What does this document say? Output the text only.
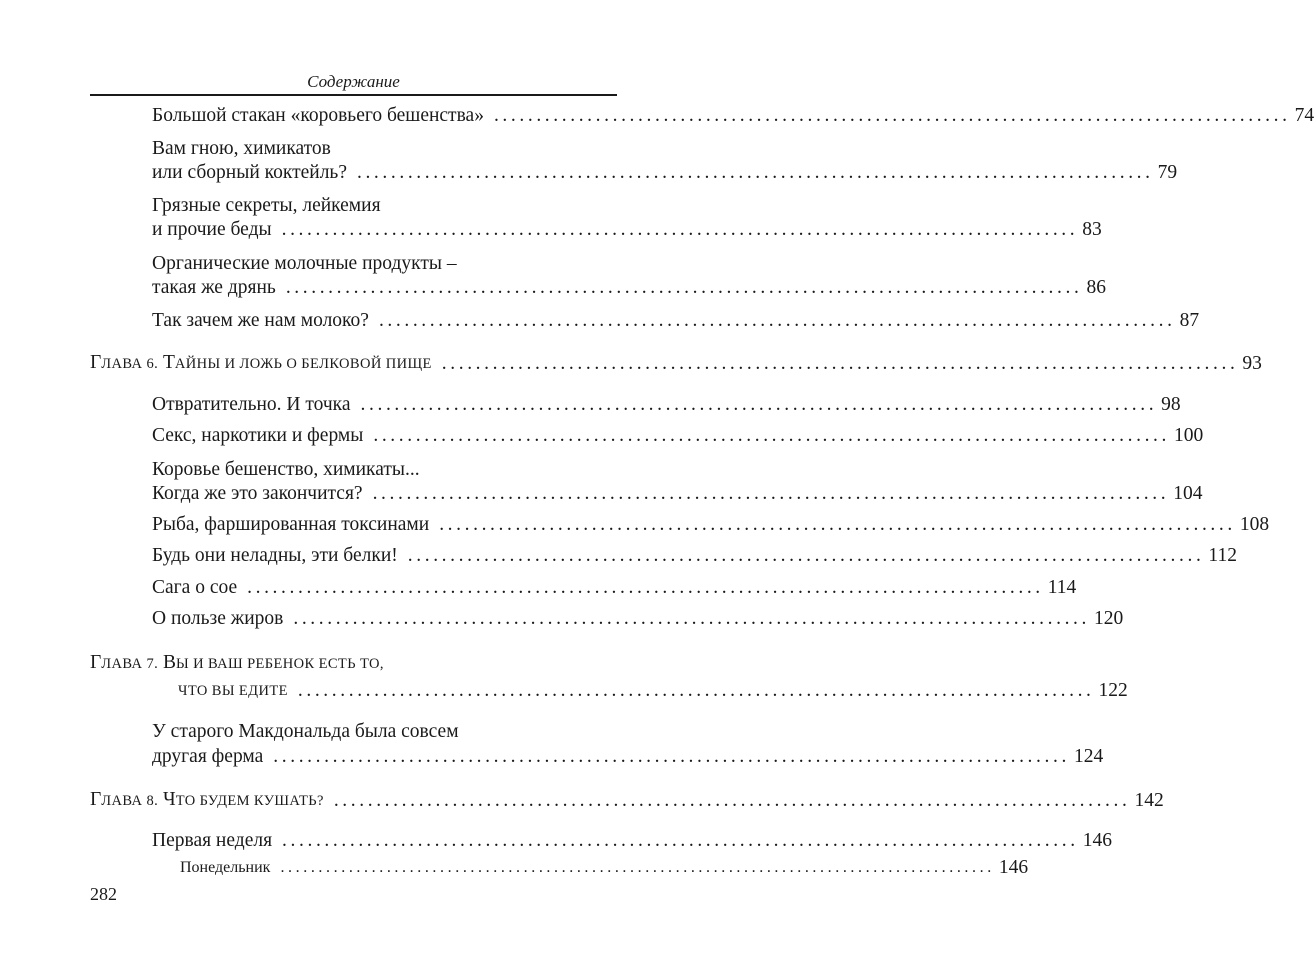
Содержание
Большой стакан «коровьего бешенства» .............................................................................................. 74
Вам гною, химикатов
или сборный коктейль? .............................................................................................. 79
Грязные секреты, лейкемия
и прочие беды .............................................................................................. 83
Органические молочные продукты –
такая же дрянь .............................................................................................. 86
Так зачем же нам молоко? .............................................................................................. 87
ГЛАВА 6. ТАЙНЫ И ЛОЖЬ О БЕЛКОВОЙ ПИЩЕ .............................................................................................. 93
Отвратительно. И точка .............................................................................................. 98
Секс, наркотики и фермы .............................................................................................. 100
Коровье бешенство, химикаты...
Когда же это закончится? .............................................................................................. 104
Рыба, фаршированная токсинами .............................................................................................. 108
Будь они неладны, эти белки! .............................................................................................. 112
Сага о сое .............................................................................................. 114
О пользе жиров .............................................................................................. 120
ГЛАВА 7. ВЫ И ВАШ РЕБЕНОК ЕСТЬ ТО,
ЧТО ВЫ ЕДИТЕ .............................................................................................. 122
У старого Макдональда была совсем
другая ферма .............................................................................................. 124
ГЛАВА 8. ЧТО БУДЕМ КУШАТЬ? .............................................................................................. 142
Первая неделя .............................................................................................. 146
Понедельник .............................................................................................. 146
282
